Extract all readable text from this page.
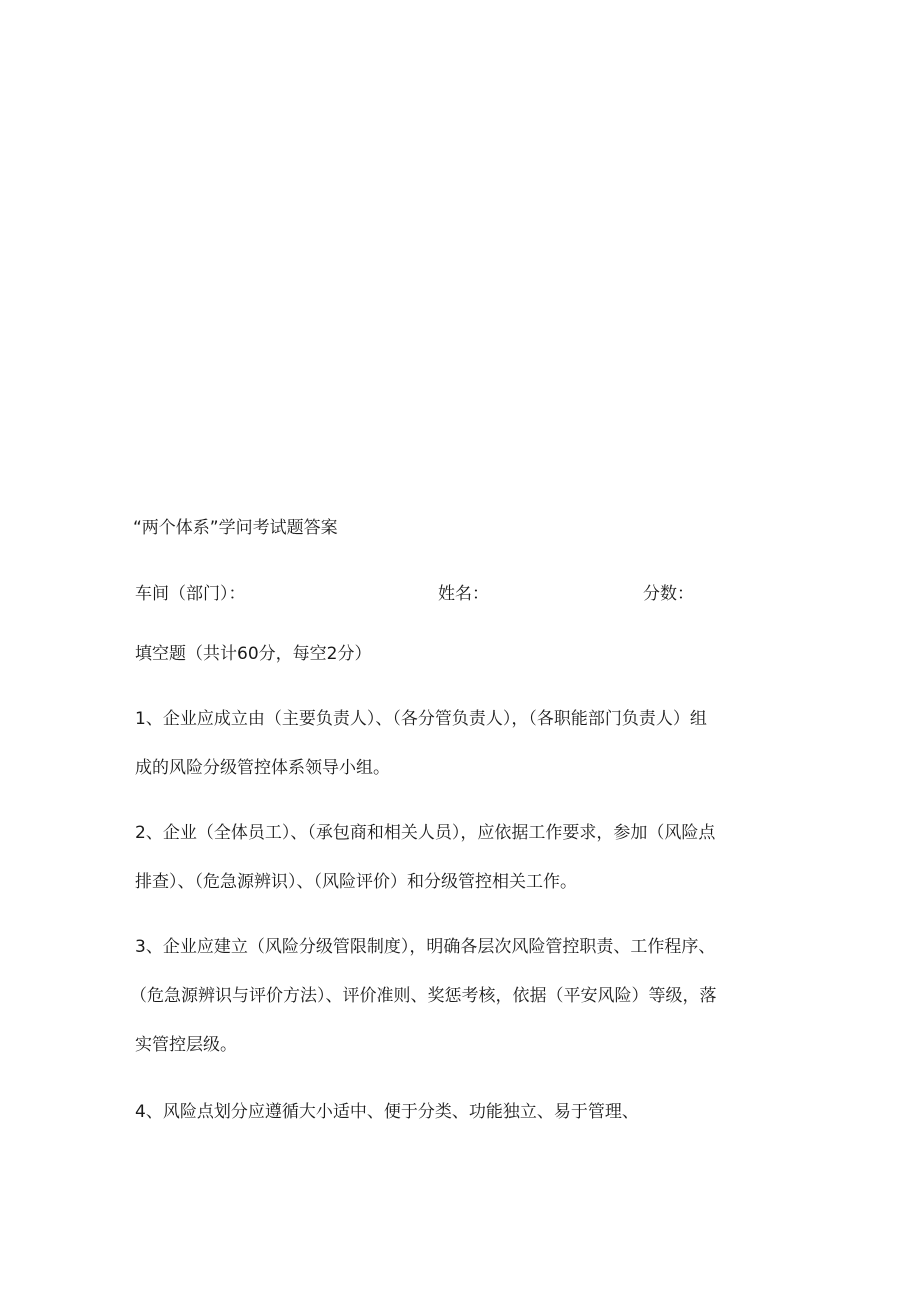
“两个体系”学问考试题答案
车间（部门）：	姓名：	分数：
填空题（共计60分，每空2分）
1、企业应成立由（主要负责人）、（各分管负责人），（各职能部门负责人）组
成的风险分级管控体系领导小组。
2、企业（全体员工）、（承包商和相关人员），应依据工作要求，参加（风险点
排查）、（危急源辨识）、（风险评价）和分级管控相关工作。
3、企业应建立（风险分级管限制度），明确各层次风险管控职责、工作程序、
（危急源辨识与评价方法）、评价准则、奖惩考核，依据（平安风险）等级，落
实管控层级。
4、风险点划分应遵循大小适中、便于分类、功能独立、易于管理、
